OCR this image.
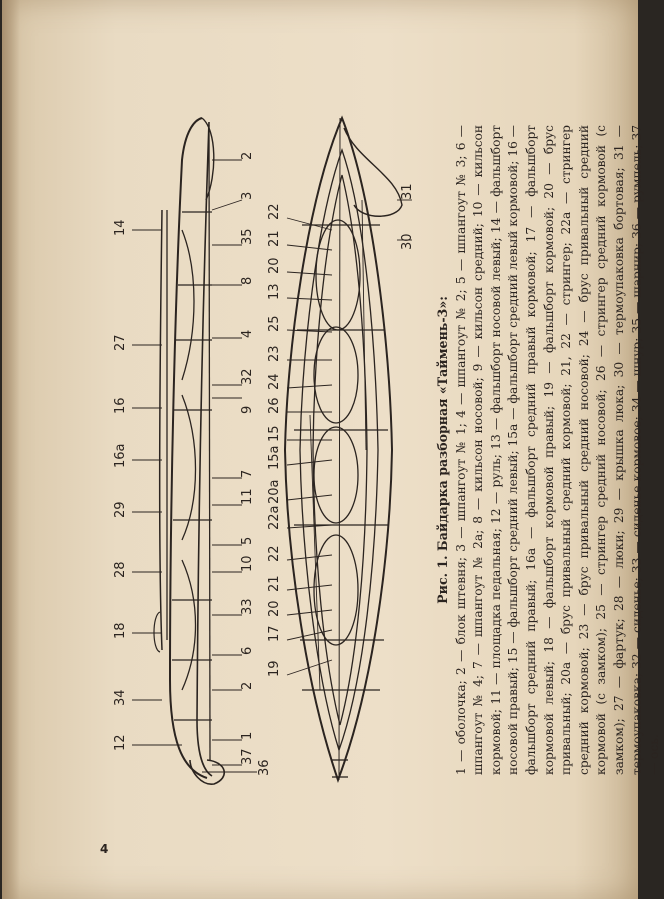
2
3
14
35
8
27
4
32
9
16
16а
7
29
11
5
10
28
33
18
6
2
34
1
12
37
36
31
30
22
21
20
13
25
23
24
26
15
15а
20а
22а
22
21
20
17
19
Рис. 1. Байдарка разборная «Таймень-3»: 1 — оболочка; 2 — блок штевня; 3 — шпангоут № 1; 4 — шпангоут № 2; 5 — шпангоут № 3; 6 — шпангоут № 4; 7 — шпангоут № 2а; 8 — кильсон носовой; 9 — кильсон средний; 10 — кильсон кормовой; 11 — площадка педальная; 12 — руль; 13 — фальшборт носовой левый; 14 — фальшборт носовой правый; 15 — фальшборт средний левый; 15а — фальшборт средний левый кормовой; 16 — фальшборт средний правый; 16а — фальшборт средний правый кормовой; 17 — фальшборт кормовой левый; 18 — фальшборт кормовой правый; 19 — фальшборт кормовой; 20 — брус привальный; 20а — брус привальный средний кормовой; 21, 22 — стрингер; 22а — стрингер средний кормовой; 23 — брус привальный средний носовой; 24 — брус привальный средний кормовой (с замком); 25 — стрингер средний носовой; 26 — стрингер средний кормовой (с замком); 27 — фартук; 28 — люки; 29 — крышка люка; 30 — термоупаковка бортовая; 31 — термоупаковка; 32 — сиденье; 33 — сиденье кормовое; 34 — шнур; 35 — шарнир; 36 — румпель; 37 — ось.
4
